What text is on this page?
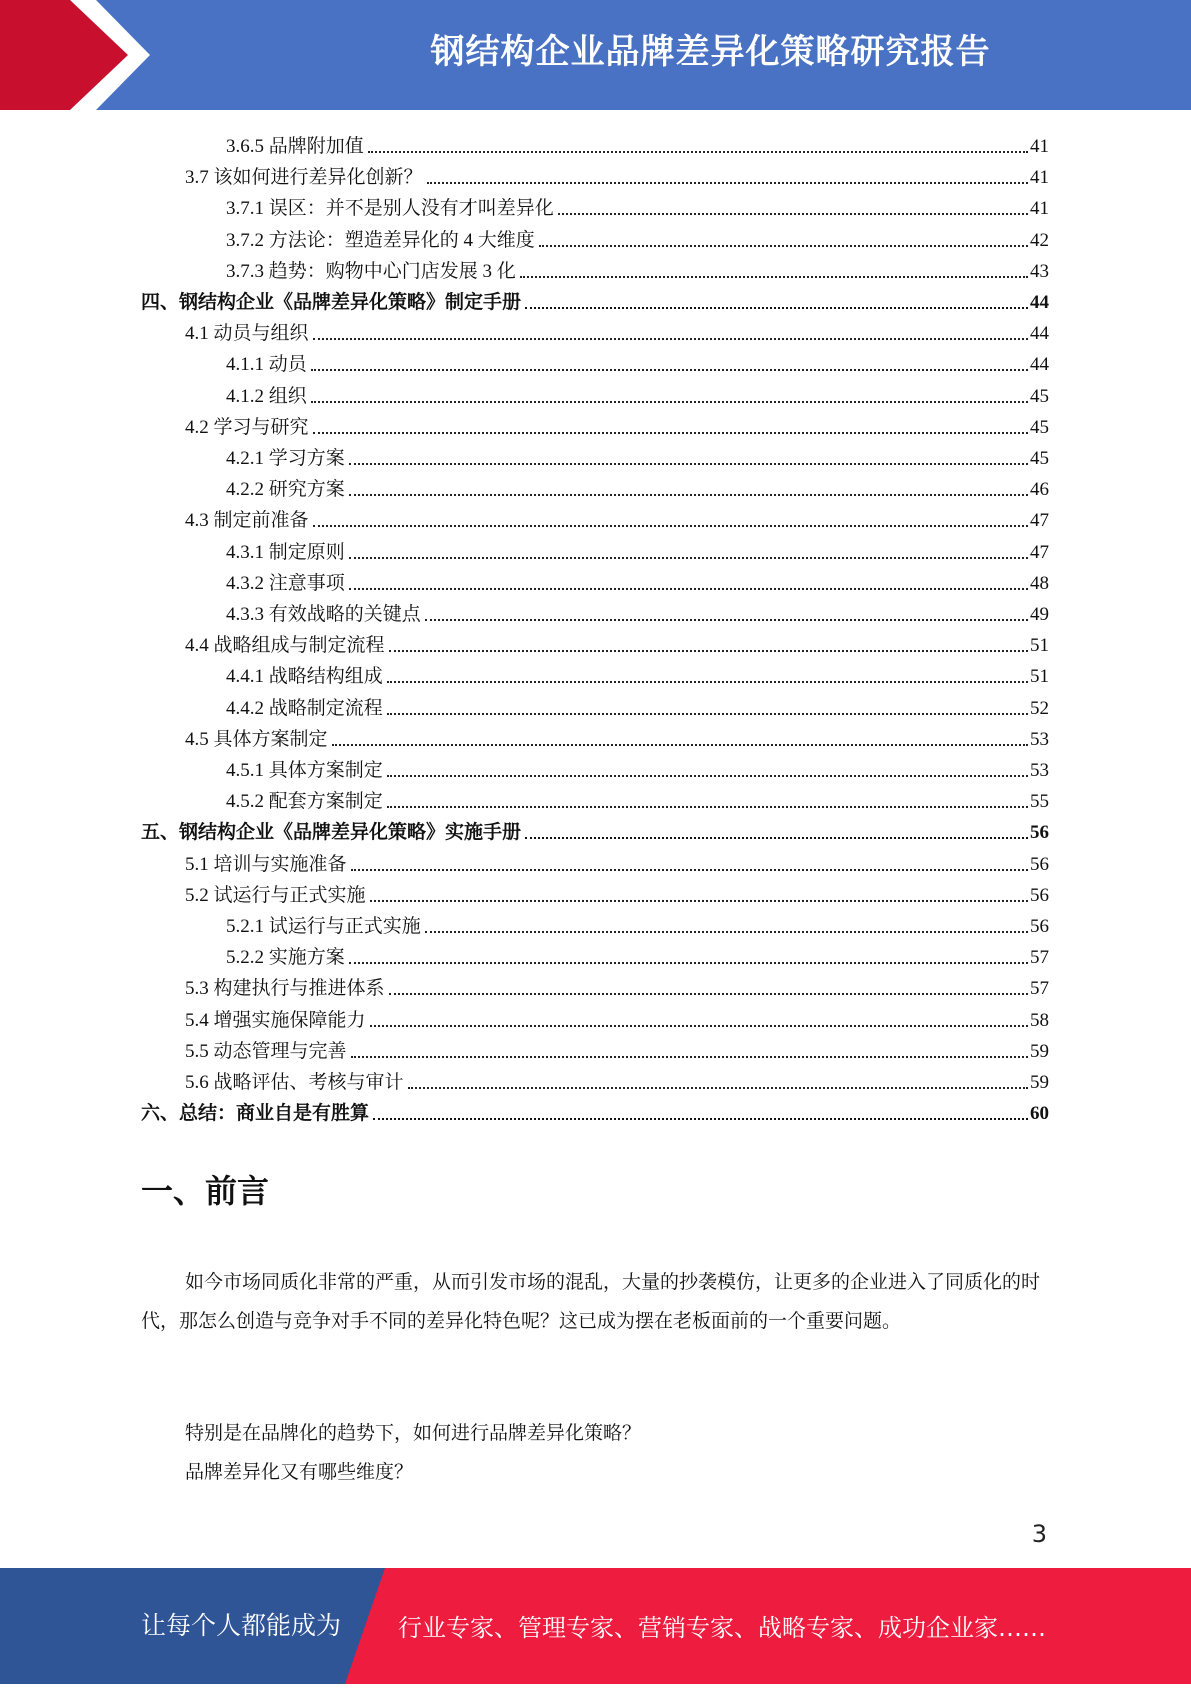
钢结构企业品牌差异化策略研究报告
3.6.5 品牌附加值	41
3.7 该如何进行差异化创新？	41
3.7.1 误区：并不是别人没有才叫差异化	41
3.7.2 方法论：塑造差异化的 4 大维度	42
3.7.3 趋势：购物中心门店发展 3 化	43
四、钢结构企业《品牌差异化策略》制定手册	44
4.1 动员与组织	44
4.1.1 动员	44
4.1.2 组织	45
4.2 学习与研究	45
4.2.1 学习方案	45
4.2.2 研究方案	46
4.3 制定前准备	47
4.3.1 制定原则	47
4.3.2 注意事项	48
4.3.3 有效战略的关键点	49
4.4 战略组成与制定流程	51
4.4.1 战略结构组成	51
4.4.2 战略制定流程	52
4.5 具体方案制定	53
4.5.1 具体方案制定	53
4.5.2 配套方案制定	55
五、钢结构企业《品牌差异化策略》实施手册	56
5.1 培训与实施准备	56
5.2 试运行与正式实施	56
5.2.1 试运行与正式实施	56
5.2.2 实施方案	57
5.3 构建执行与推进体系	57
5.4 增强实施保障能力	58
5.5 动态管理与完善	59
5.6 战略评估、考核与审计	59
六、总结：商业自是有胜算	60
一、前言

如今市场同质化非常的严重，从而引发市场的混乱，大量的抄袭模仿，让更多的企业进入了同质化的时代，那怎么创造与竞争对手不同的差异化特色呢？这已成为摆在老板面前的一个重要问题。

特别是在品牌化的趋势下，如何进行品牌差异化策略？

品牌差异化又有哪些维度？

3
让每个人都能成为 行业专家、管理专家、营销专家、战略专家、成功企业家……
